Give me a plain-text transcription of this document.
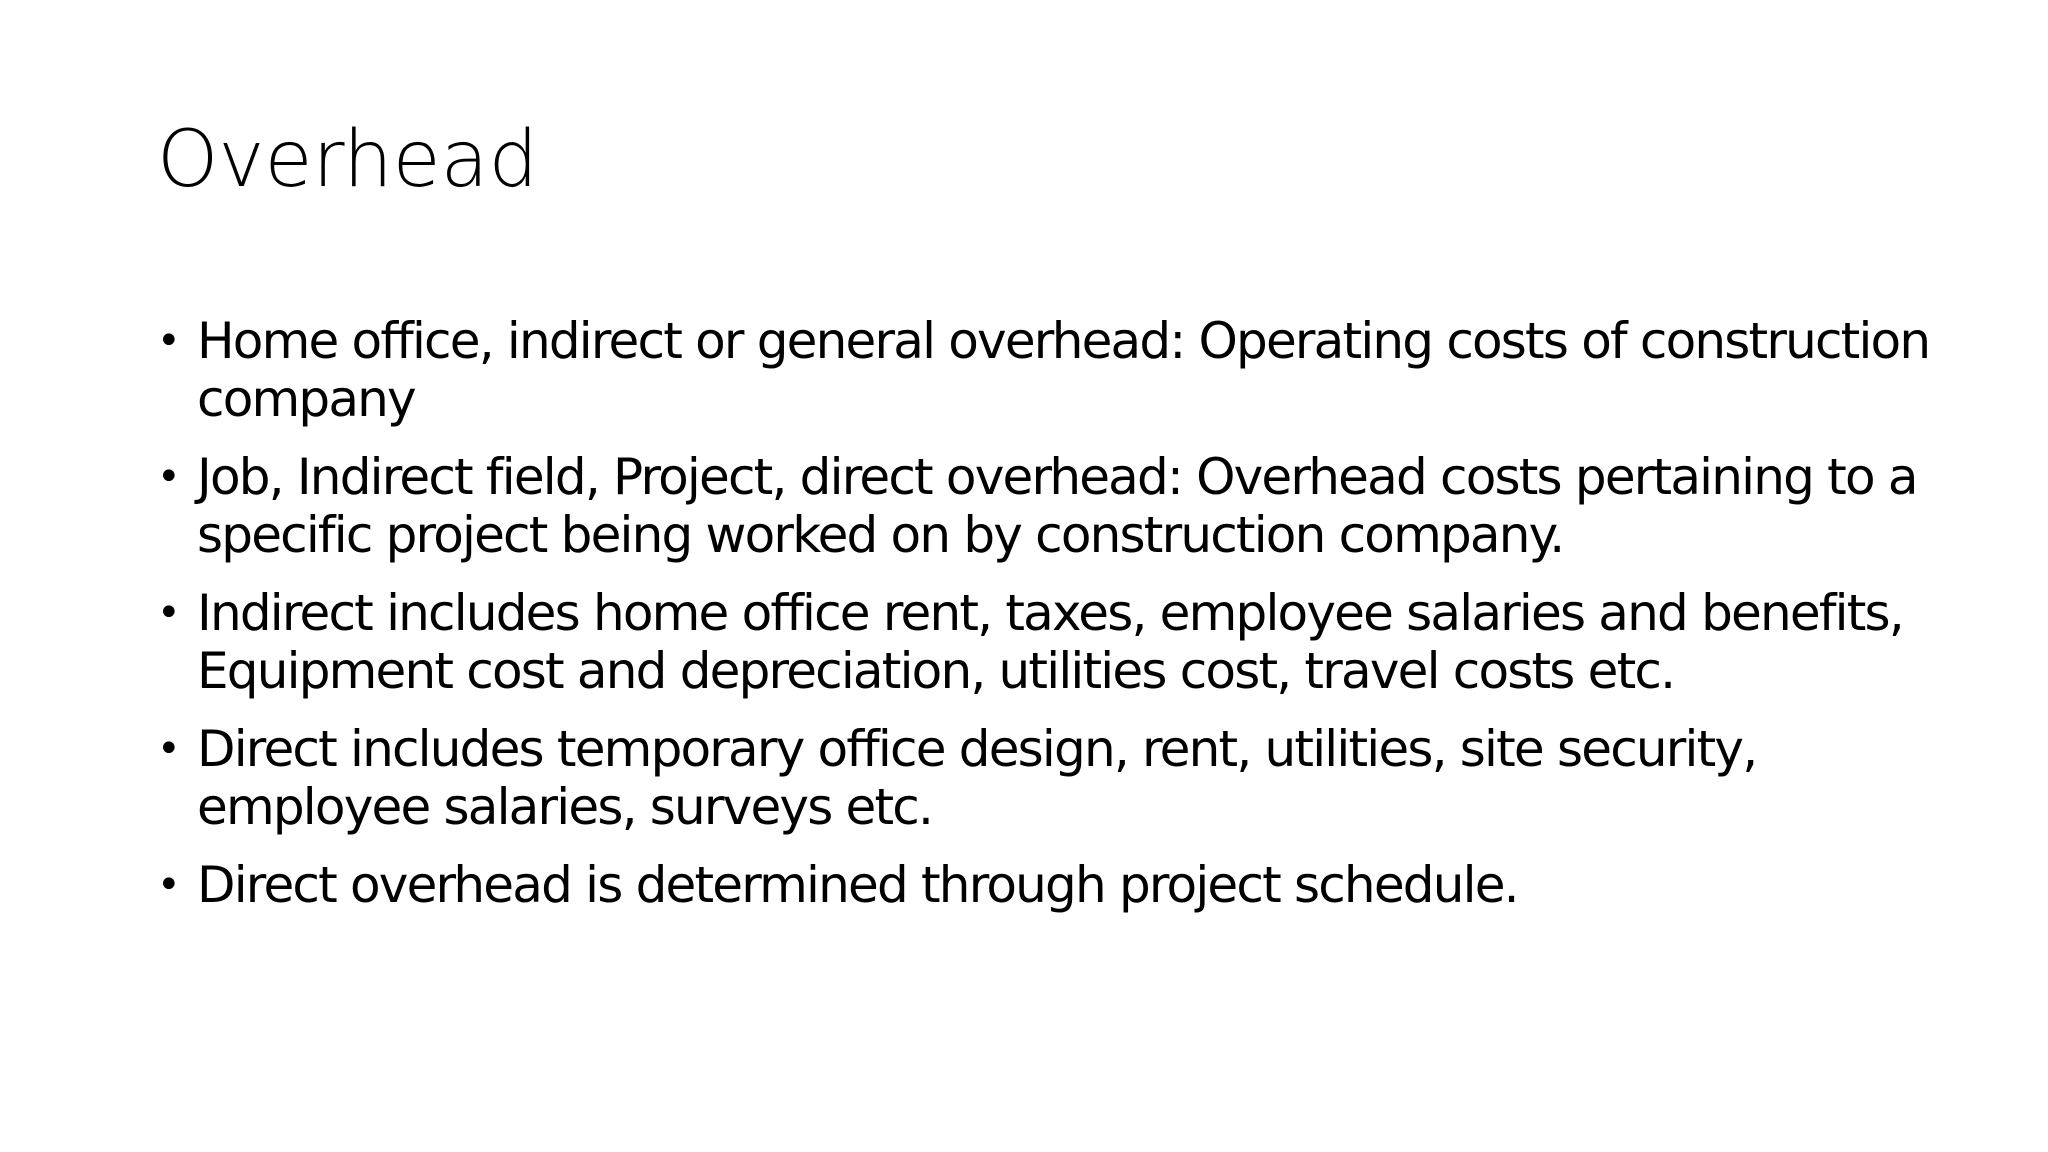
Overhead
• Home office, indirect or general overhead: Operating costs of construction company
• Job, Indirect field, Project, direct overhead: Overhead costs pertaining to a specific project being worked on by construction company.
• Indirect includes home office rent, taxes, employee salaries and benefits, Equipment cost and depreciation, utilities cost, travel costs etc.
• Direct includes temporary office design, rent, utilities, site security, employee salaries, surveys etc.
• Direct overhead is determined through project schedule.
